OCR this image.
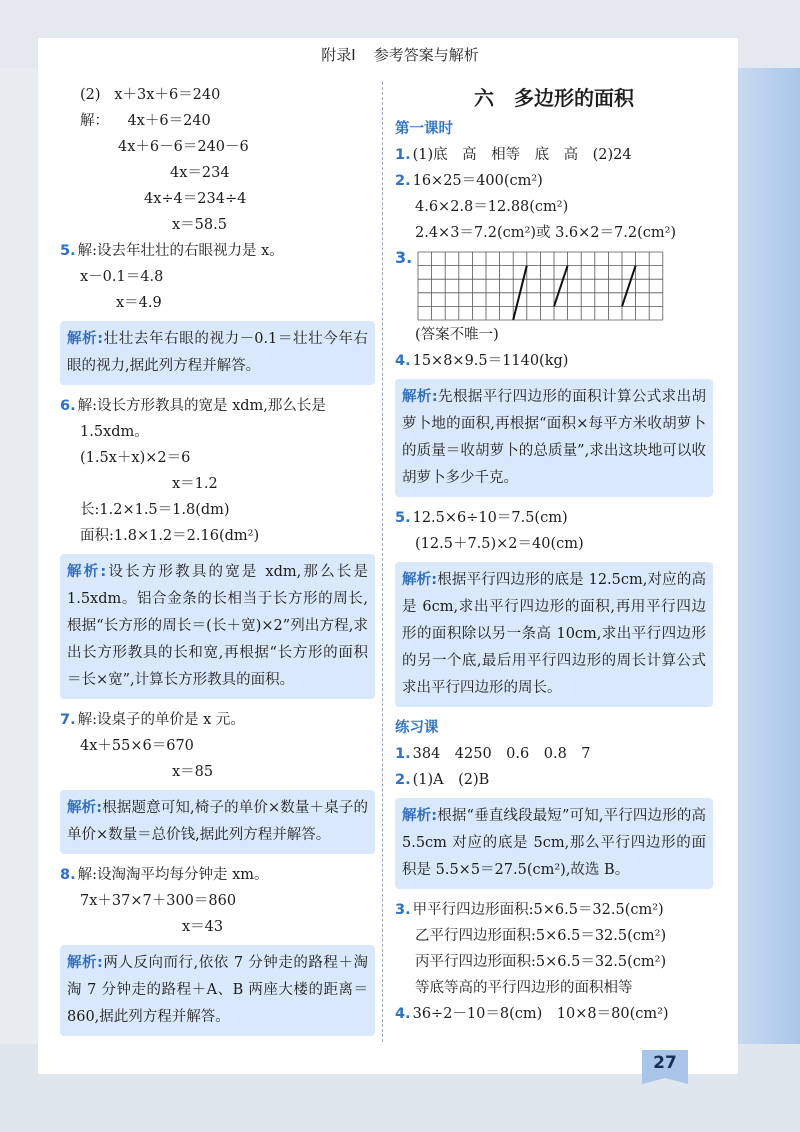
附录Ⅰ 参考答案与解析
(2) x＋3x＋6＝240
解： 4x＋6＝240
4x＋6－6＝240－6
4x＝234
4x÷4＝234÷4
x＝58.5
5. 解:设去年壮壮的右眼视力是 x。
x－0.1＝4.8
x＝4.9
解析:壮壮去年右眼的视力－0.1＝壮壮今年右眼的视力,据此列方程并解答。
6. 解:设长方形教具的宽是 xdm,那么长是
1.5xdm。
(1.5x＋x)×2＝6
x＝1.2
长:1.2×1.5＝1.8(dm)
面积:1.8×1.2＝2.16(dm²)
解析:设长方形教具的宽是 xdm,那么长是1.5xdm。铝合金条的长相当于长方形的周长,根据“长方形的周长＝(长＋宽)×2”列出方程,求出长方形教具的长和宽,再根据“长方形的面积＝长×宽”,计算长方形教具的面积。
7. 解:设桌子的单价是 x 元。
4x＋55×6＝670
x＝85
解析:根据题意可知,椅子的单价×数量＋桌子的单价×数量＝总价钱,据此列方程并解答。
8. 解:设淘淘平均每分钟走 xm。
7x＋37×7＋300＝860
x＝43
解析:两人反向而行,依依 7 分钟走的路程＋淘淘 7 分钟走的路程＋A、B 两座大楼的距离＝860,据此列方程并解答。
六　多边形的面积
第一课时
1. (1)底　高　相等　底　高　(2)24
2. 16×25＝400(cm²)
4.6×2.8＝12.88(cm²)
2.4×3＝7.2(cm²)或 3.6×2＝7.2(cm²)
3.
(答案不唯一)
4. 15×8×9.5＝1140(kg)
解析:先根据平行四边形的面积计算公式求出胡萝卜地的面积,再根据“面积×每平方米收胡萝卜的质量＝收胡萝卜的总质量”,求出这块地可以收胡萝卜多少千克。
5. 12.5×6÷10＝7.5(cm)
(12.5＋7.5)×2＝40(cm)
解析:根据平行四边形的底是 12.5cm,对应的高是 6cm,求出平行四边形的面积,再用平行四边形的面积除以另一条高 10cm,求出平行四边形的另一个底,最后用平行四边形的周长计算公式求出平行四边形的周长。
练习课
1. 384　4250　0.6　0.8　7
2. (1)A　(2)B
解析:根据“垂直线段最短”可知,平行四边形的高 5.5cm 对应的底是 5cm,那么平行四边形的面积是 5.5×5＝27.5(cm²),故选 B。
3. 甲平行四边形面积:5×6.5＝32.5(cm²)
乙平行四边形面积:5×6.5＝32.5(cm²)
丙平行四边形面积:5×6.5＝32.5(cm²)
等底等高的平行四边形的面积相等
4. 36÷2－10＝8(cm)　10×8＝80(cm²)
27
